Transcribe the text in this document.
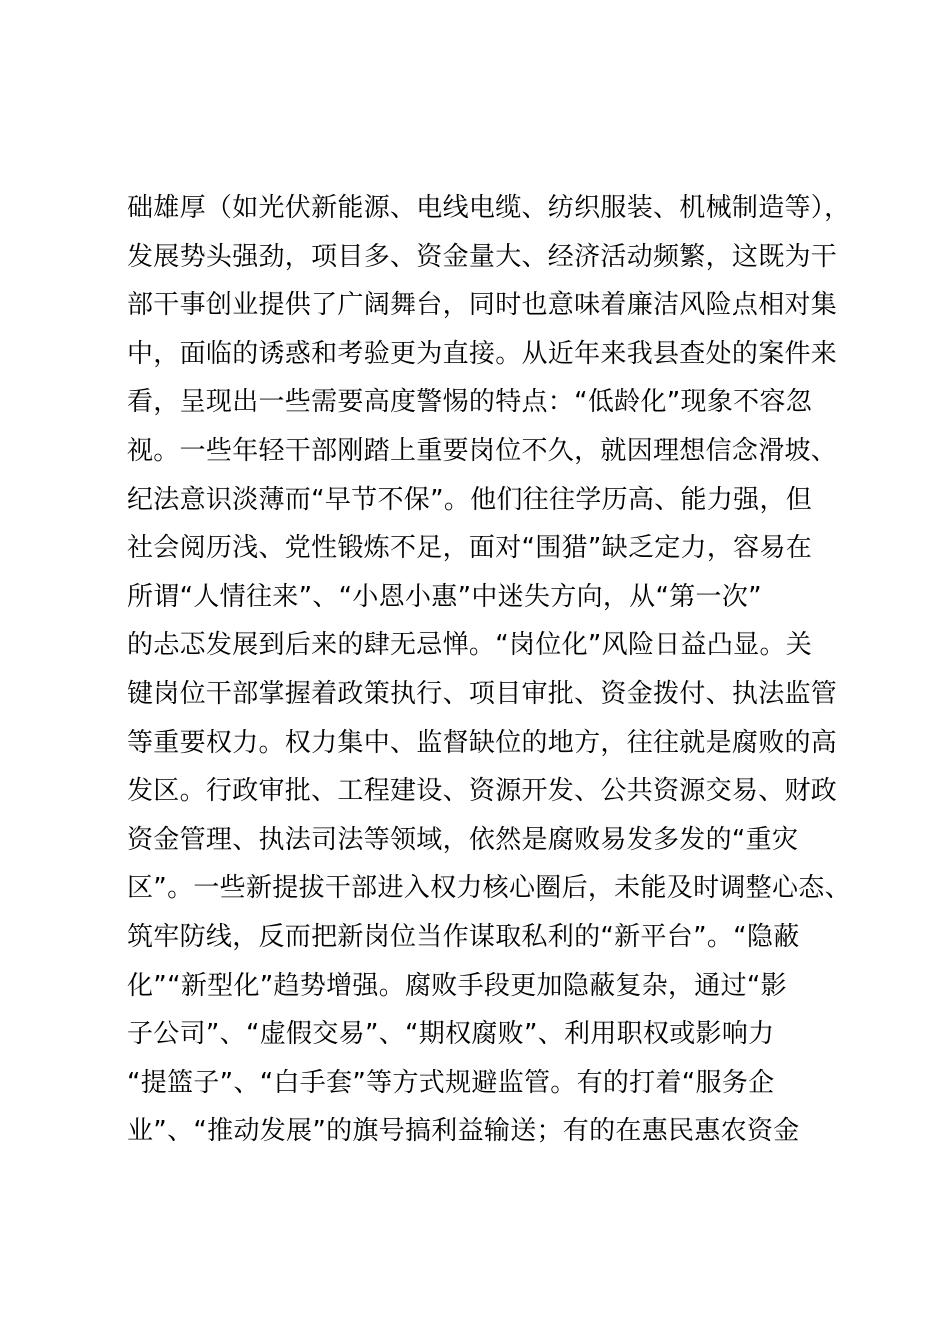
础雄厚（如光伏新能源、电线电缆、纺织服装、机械制造等），
发展势头强劲，项目多、资金量大、经济活动频繁，这既为干
部干事创业提供了广阔舞台，同时也意味着廉洁风险点相对集
中，面临的诱惑和考验更为直接。从近年来我县查处的案件来
看，呈现出一些需要高度警惕的特点：“低龄化”现象不容忽
视。一些年轻干部刚踏上重要岗位不久，就因理想信念滑坡、
纪法意识淡薄而“早节不保”。他们往往学历高、能力强，但
社会阅历浅、党性锻炼不足，面对“围猎”缺乏定力，容易在
所谓“人情往来”、“小恩小惠”中迷失方向，从“第一次”
的忐忑发展到后来的肆无忌惮。“岗位化”风险日益凸显。关
键岗位干部掌握着政策执行、项目审批、资金拨付、执法监管
等重要权力。权力集中、监督缺位的地方，往往就是腐败的高
发区。行政审批、工程建设、资源开发、公共资源交易、财政
资金管理、执法司法等领域，依然是腐败易发多发的“重灾
区”。一些新提拔干部进入权力核心圈后，未能及时调整心态、
筑牢防线，反而把新岗位当作谋取私利的“新平台”。“隐蔽
化”“新型化”趋势增强。腐败手段更加隐蔽复杂，通过“影
子公司”、“虚假交易”、“期权腐败”、利用职权或影响力
“提篮子”、“白手套”等方式规避监管。有的打着“服务企
业”、“推动发展”的旗号搞利益输送；有的在惠民惠农资金
